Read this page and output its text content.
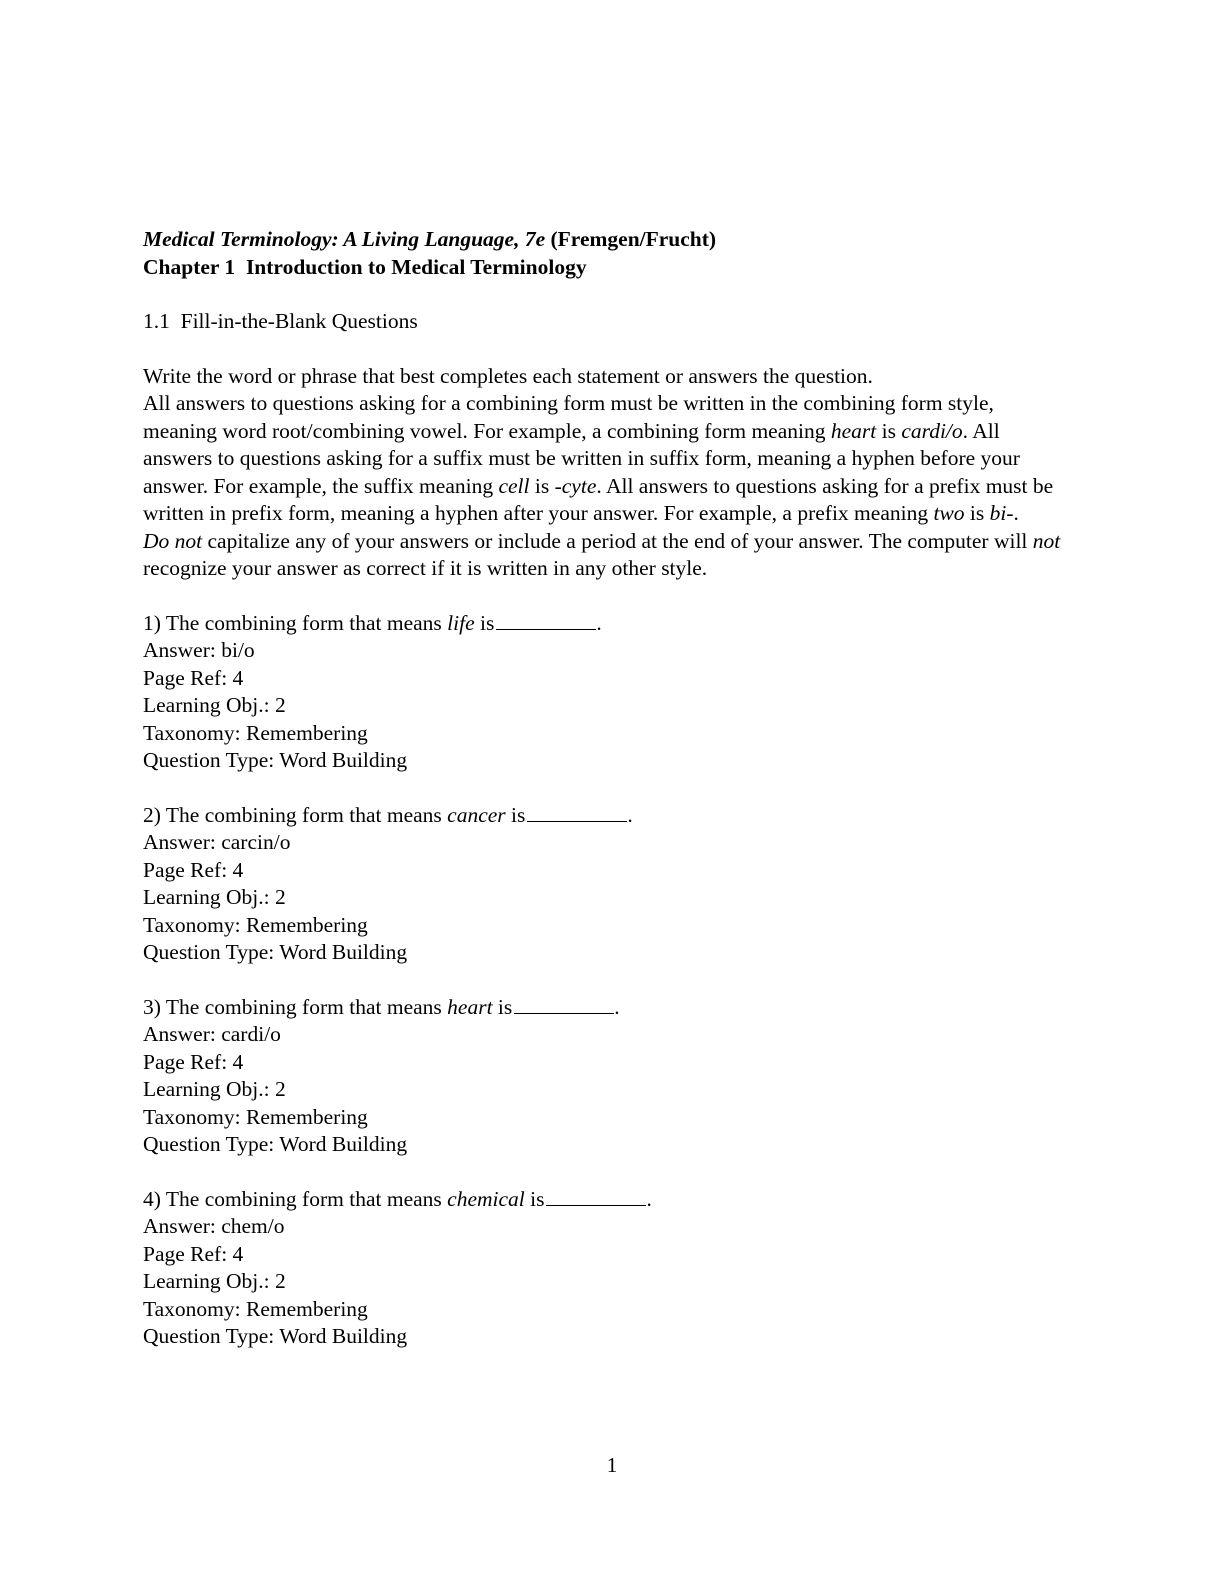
Medical Terminology: A Living Language, 7e (Fremgen/Frucht)

Chapter 1 Introduction to Medical Terminology

1.1 Fill-in-the-Blank Questions

Write the word or phrase that best completes each statement or answers the question.

All answers to questions asking for a combining form must be written in the combining form style, meaning word root/combining vowel. For example, a combining form meaning heart is cardi/o. All answers to questions asking for a suffix must be written in suffix form, meaning a hyphen before your answer. For example, the suffix meaning cell is -cyte. All answers to questions asking for a prefix must be written in prefix form, meaning a hyphen after your answer. For example, a prefix meaning two is bi-.

Do not capitalize any of your answers or include a period at the end of your answer. The computer will not recognize your answer as correct if it is written in any other style.

1) The combining form that means life is	.

Answer: bi/o

Page Ref: 4

Learning Obj.: 2

Taxonomy: Remembering

Question Type: Word Building

2) The combining form that means cancer is	.

Answer: carcin/o

Page Ref: 4

Learning Obj.: 2

Taxonomy: Remembering

Question Type: Word Building

3) The combining form that means heart is	.

Answer: cardi/o

Page Ref: 4

Learning Obj.: 2

Taxonomy: Remembering

Question Type: Word Building

4) The combining form that means chemical is	.

Answer: chem/o

Page Ref: 4

Learning Obj.: 2

Taxonomy: Remembering

Question Type: Word Building

1
